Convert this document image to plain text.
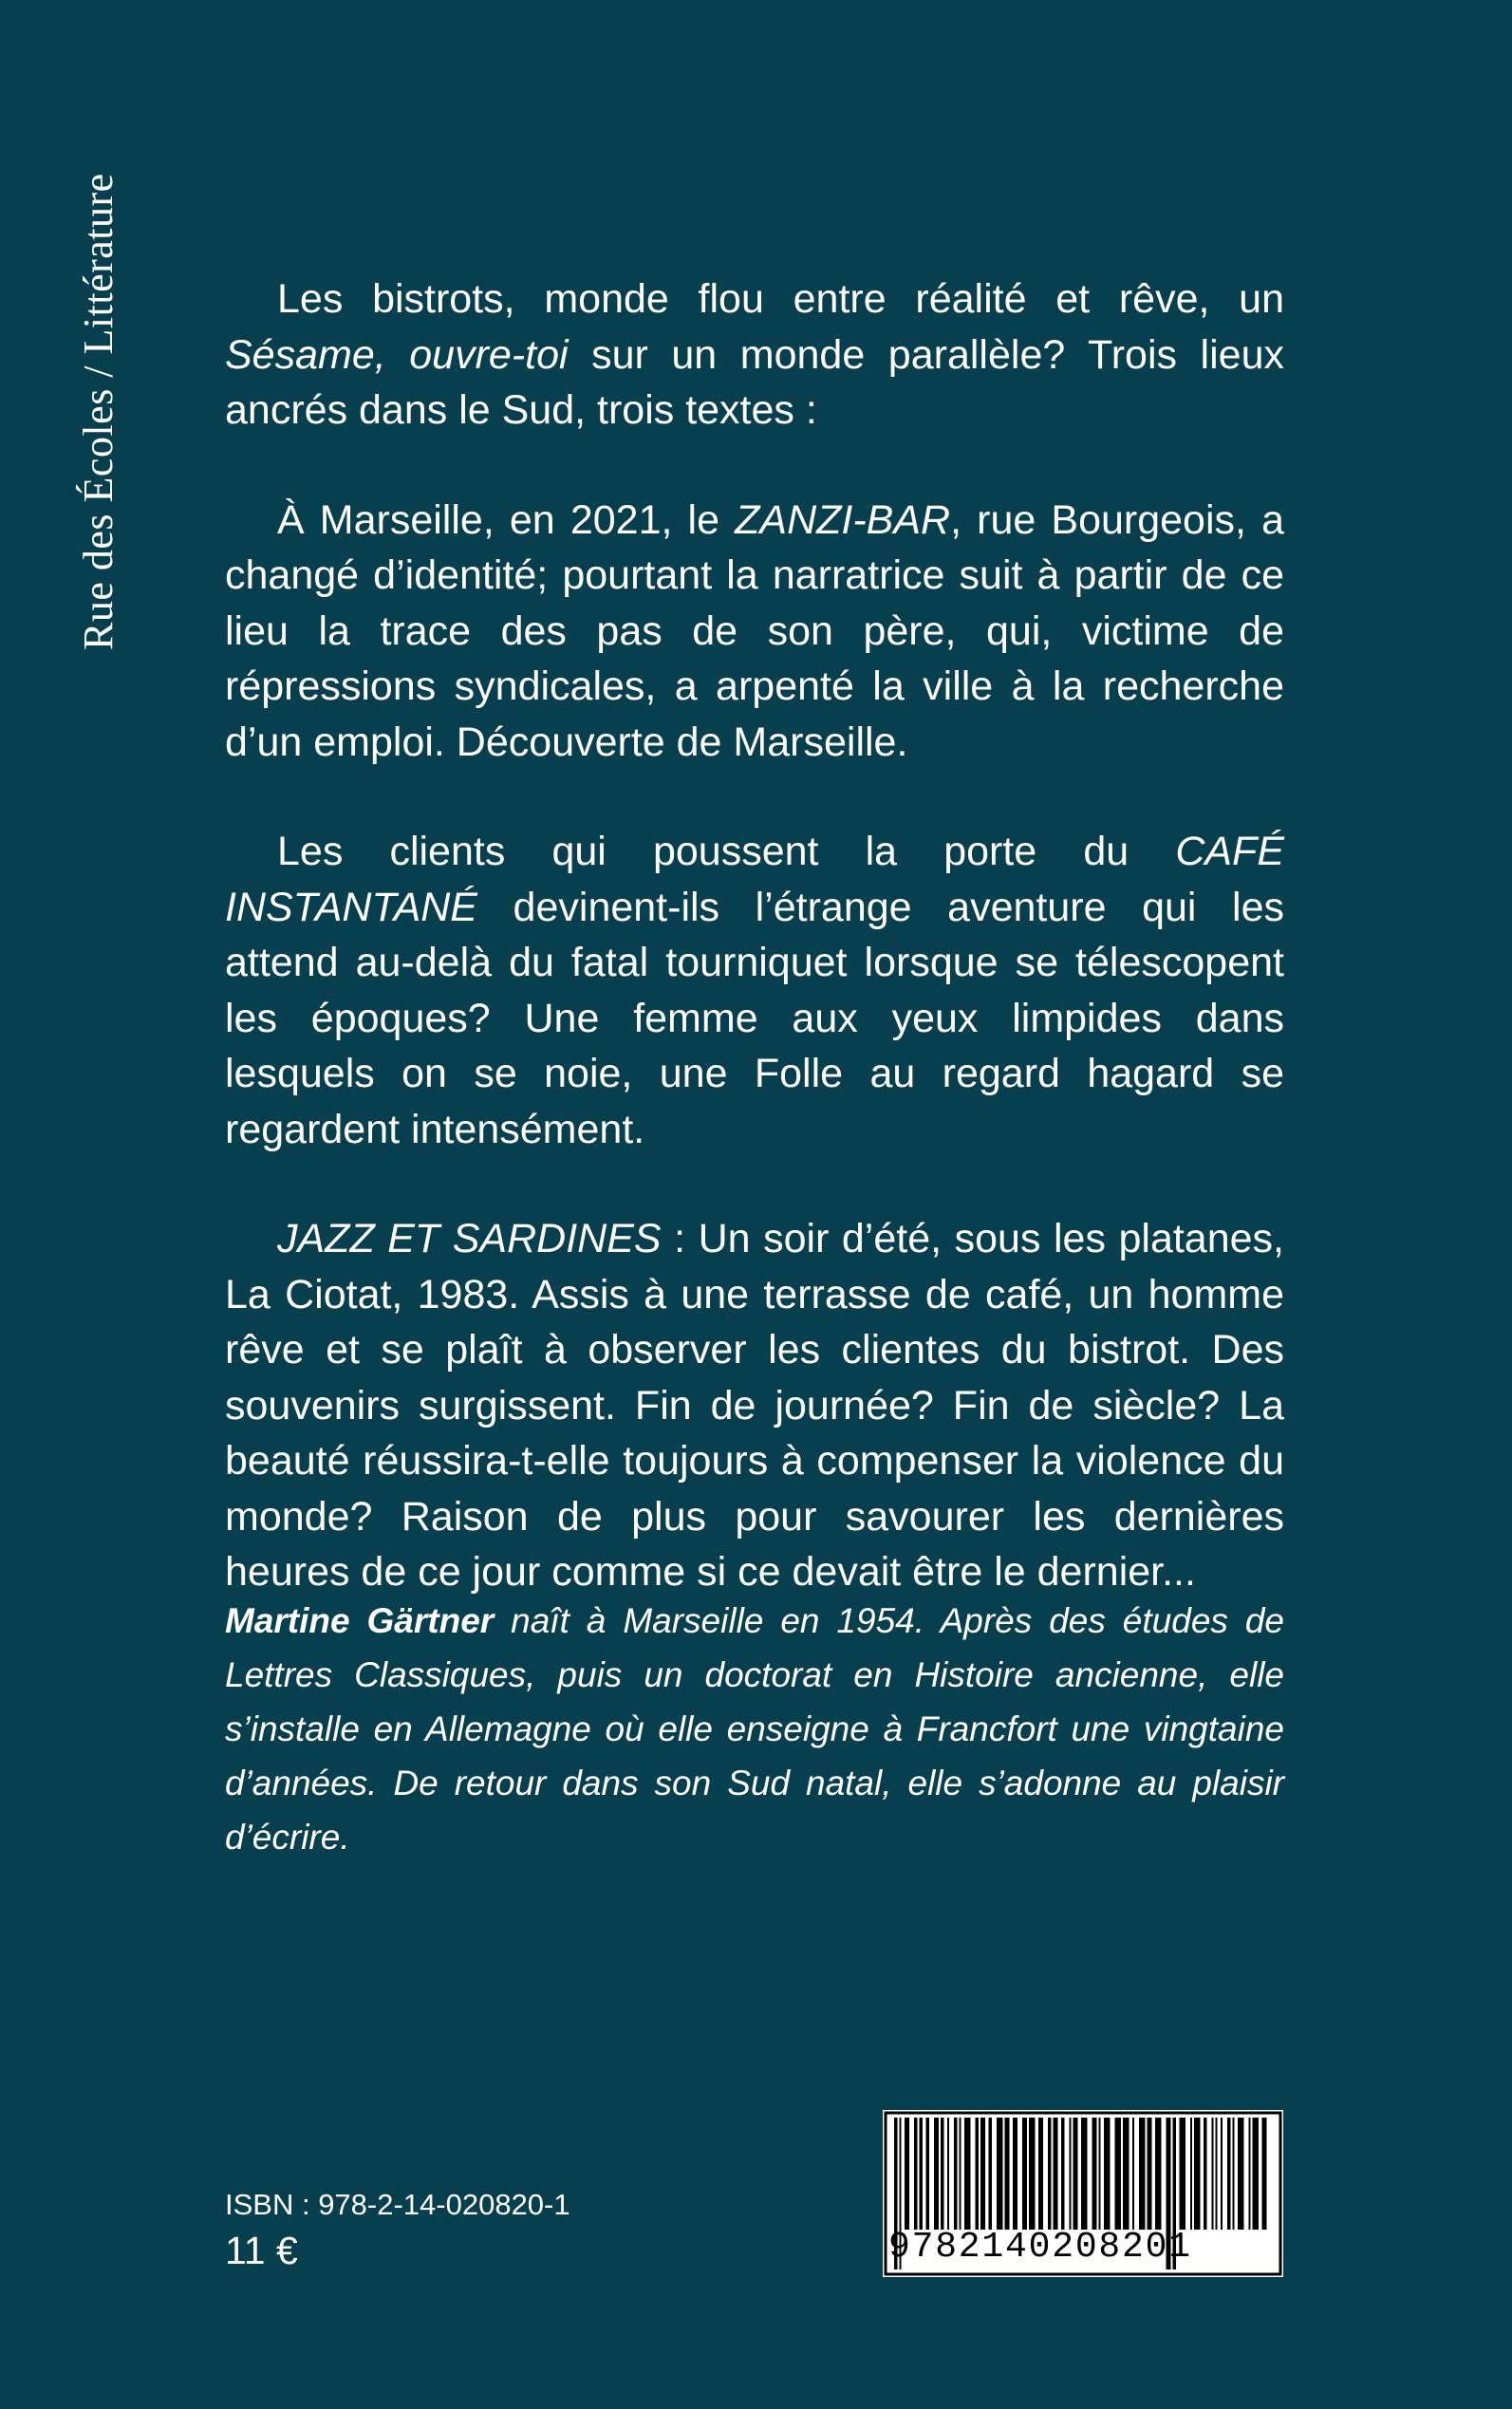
Rue des Écoles / Littérature	Les bistrots, monde flou entre réalité et rêve, un Sésame, ouvre-toi sur un monde parallèle? Trois lieux ancrés dans le Sud, trois textes :

À Marseille, en 2021, le ZANZI-BAR, rue Bourgeois, a changé d’identité; pourtant la narratrice suit à partir de ce lieu la trace des pas de son père, qui, victime de répressions syndicales, a arpenté la ville à la recherche d’un emploi. Découverte de Marseille.

Les clients qui poussent la porte du CAFÉ INSTANTANÉ devinent-ils l’étrange aventure qui les attend au-delà du fatal tourniquet lorsque se télescopent les époques? Une femme aux yeux limpides dans lesquels on se noie, une Folle au regard hagard se regardent intensément.

JAZZ ET SARDINES : Un soir d’été, sous les platanes, La Ciotat, 1983. Assis à une terrasse de café, un homme rêve et se plaît à observer les clientes du bistrot. Des souvenirs surgissent. Fin de journée? Fin de siècle? La beauté réussira-t-elle toujours à compenser la violence du monde? Raison de plus pour savourer les dernières heures de ce jour comme si ce devait être le dernier...

Martine Gärtner naît à Marseille en 1954. Après des études de Lettres Classiques, puis un doctorat en Histoire ancienne, elle s’installe en Allemagne où elle enseigne à Francfort une vingtaine d’années. De retour dans son Sud natal, elle s’adonne au plaisir d’écrire.
ISBN : 978-2-14-020820-1
11 €	9782140208201
